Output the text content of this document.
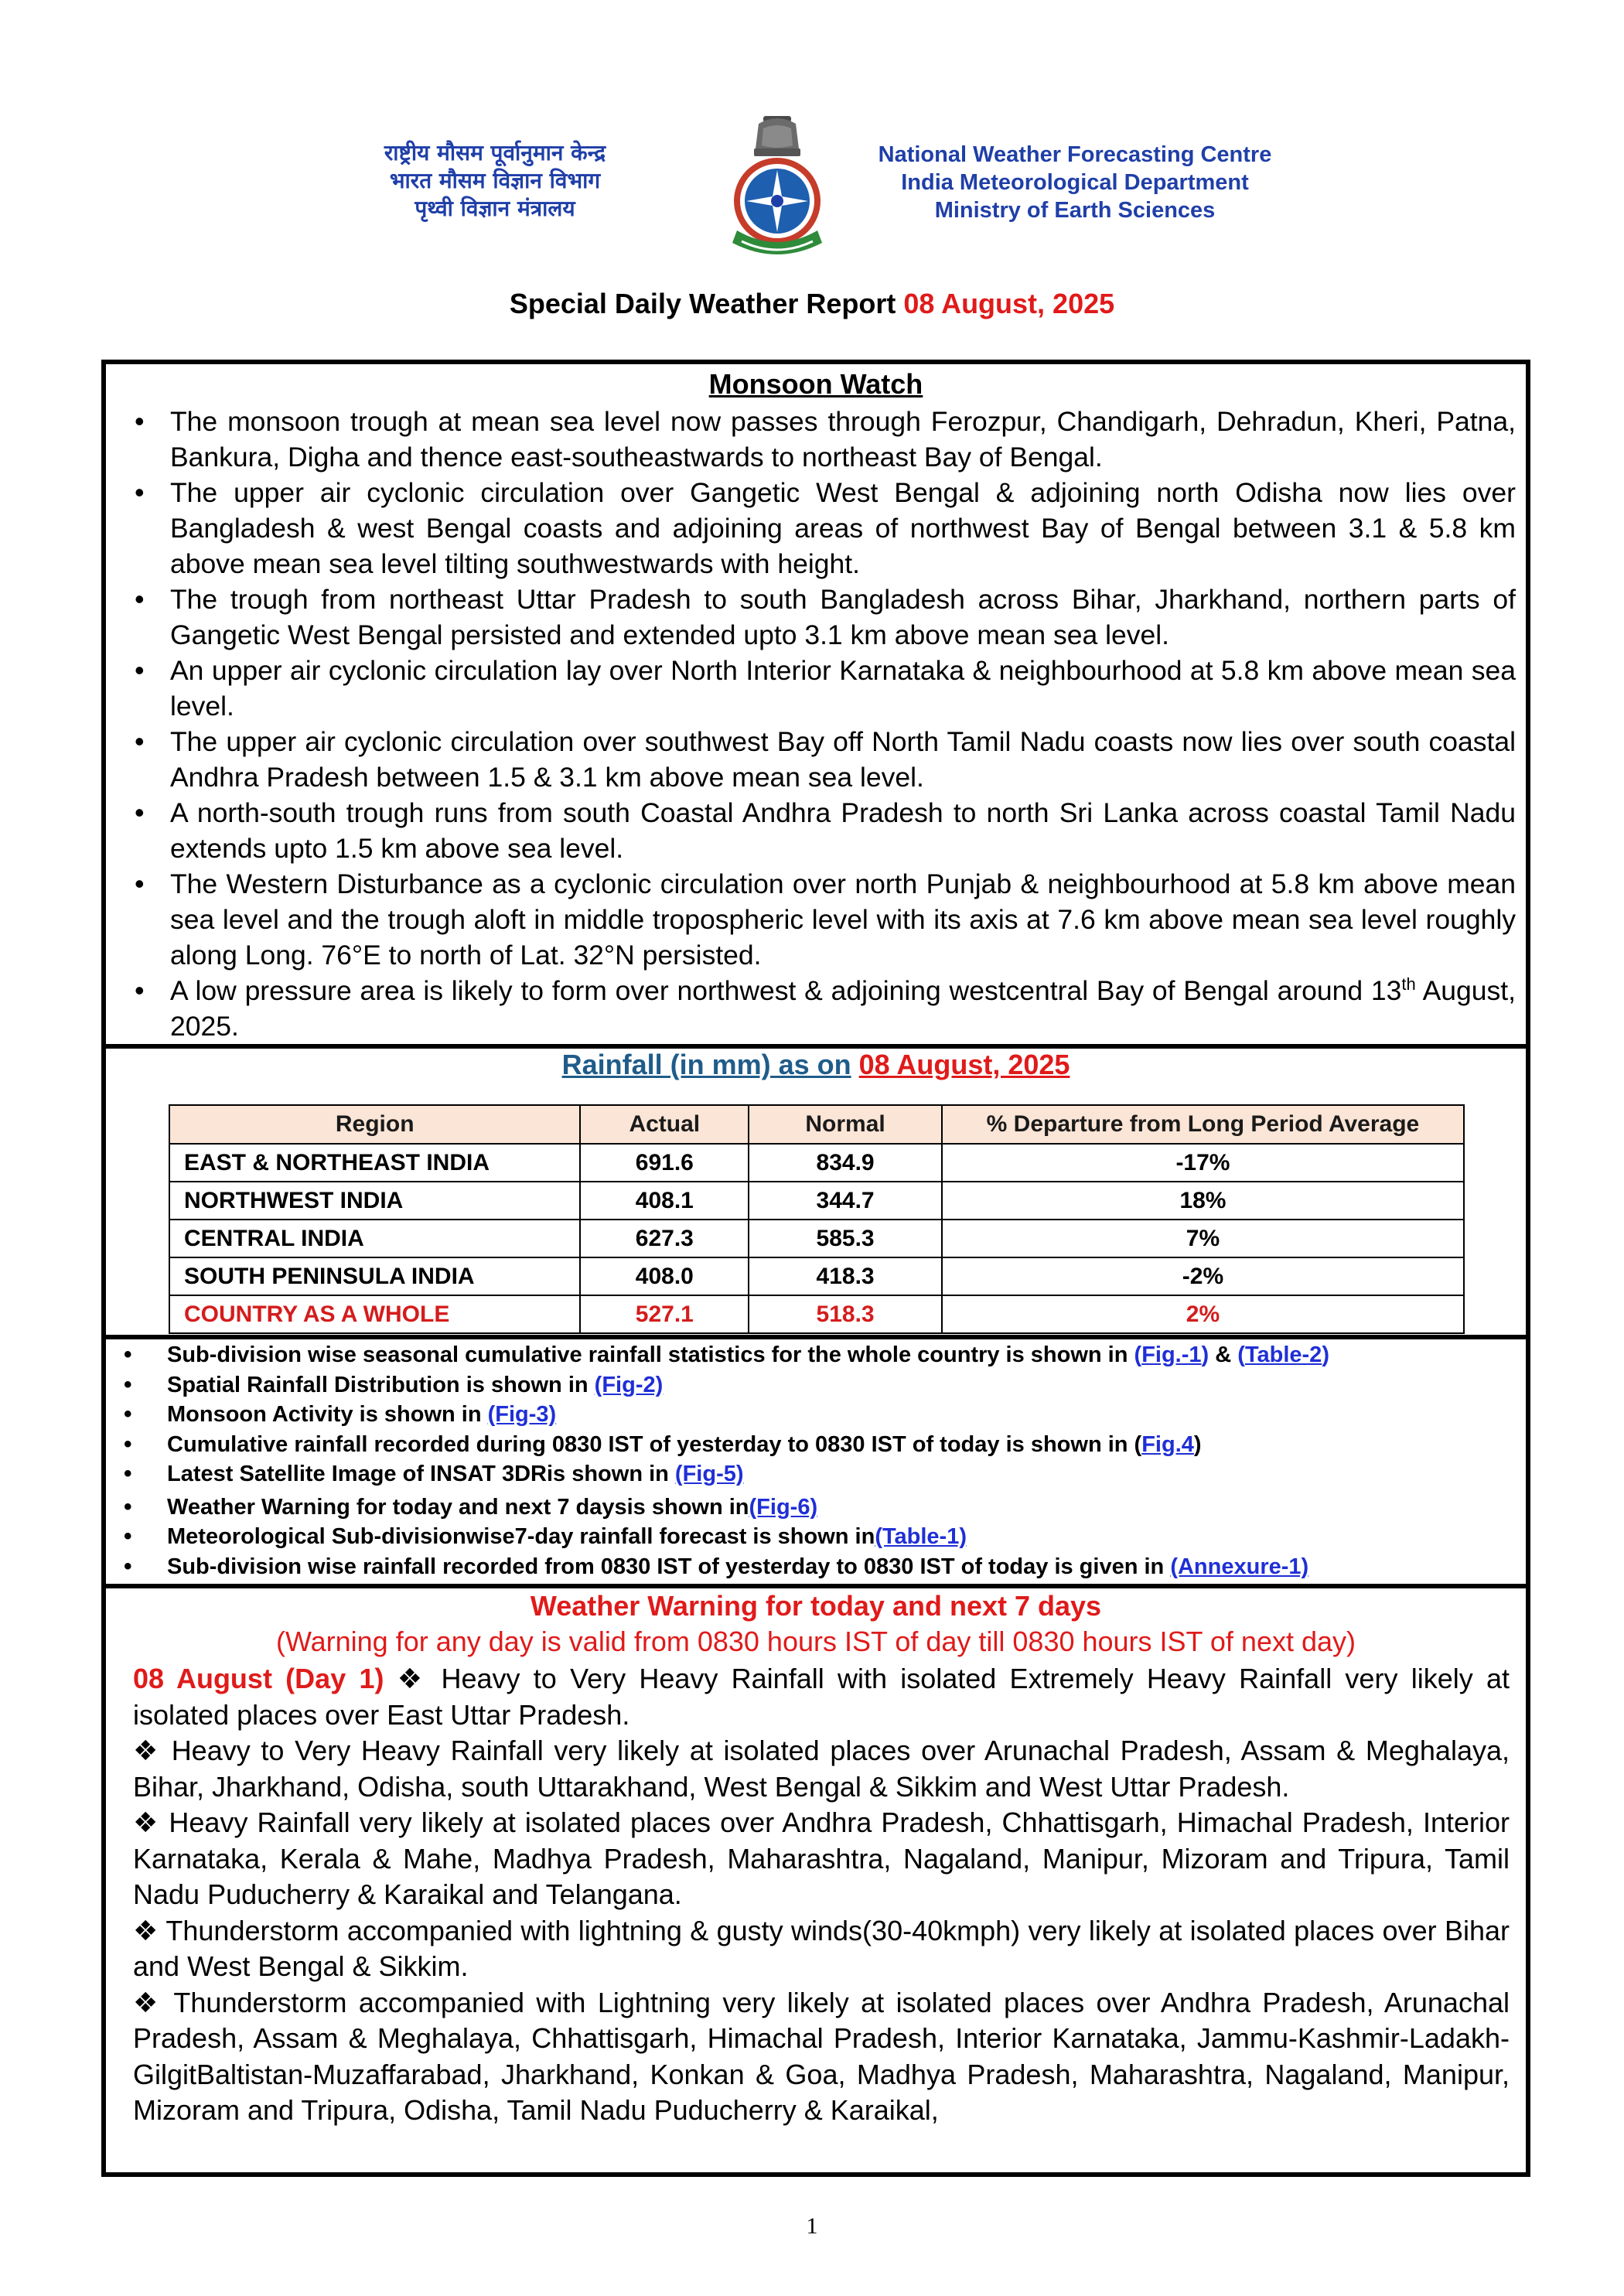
राष्ट्रीय मौसम पूर्वानुमान केन्द्र
भारत मौसम विज्ञान विभाग
पृथ्वी विज्ञान मंत्रालय
National Weather Forecasting Centre
India Meteorological Department
Ministry of Earth Sciences
Special Daily Weather Report 08 August, 2025
Monsoon Watch
• The monsoon trough at mean sea level now passes through Ferozpur, Chandigarh, Dehradun, Kheri, Patna, Bankura, Digha and thence east-southeastwards to northeast Bay of Bengal.
• The upper air cyclonic circulation over Gangetic West Bengal & adjoining north Odisha now lies over Bangladesh & west Bengal coasts and adjoining areas of northwest Bay of Bengal between 3.1 & 5.8 km above mean sea level tilting southwestwards with height.
• The trough from northeast Uttar Pradesh to south Bangladesh across Bihar, Jharkhand, northern parts of Gangetic West Bengal persisted and extended upto 3.1 km above mean sea level.
• An upper air cyclonic circulation lay over North Interior Karnataka & neighbourhood at 5.8 km above mean sea level.
• The upper air cyclonic circulation over southwest Bay off North Tamil Nadu coasts now lies over south coastal Andhra Pradesh between 1.5 & 3.1 km above mean sea level.
• A north-south trough runs from south Coastal Andhra Pradesh to north Sri Lanka across coastal Tamil Nadu extends upto 1.5 km above sea level.
• The Western Disturbance as a cyclonic circulation over north Punjab & neighbourhood at 5.8 km above mean sea level and the trough aloft in middle tropospheric level with its axis at 7.6 km above mean sea level roughly along Long. 76°E to north of Lat. 32°N persisted.
• A low pressure area is likely to form over northwest & adjoining westcentral Bay of Bengal around 13th August, 2025.
Rainfall (in mm) as on 08 August, 2025
Region	Actual	Normal	% Departure from Long Period Average
EAST & NORTHEAST INDIA	691.6	834.9	-17%
NORTHWEST INDIA	408.1	344.7	18%
CENTRAL INDIA	627.3	585.3	7%
SOUTH PENINSULA INDIA	408.0	418.3	-2%
COUNTRY AS A WHOLE	527.1	518.3	2%
• Sub-division wise seasonal cumulative rainfall statistics for the whole country is shown in (Fig.-1) & (Table-2)
• Spatial Rainfall Distribution is shown in (Fig-2)
• Monsoon Activity is shown in (Fig-3)
• Cumulative rainfall recorded during 0830 IST of yesterday to 0830 IST of today is shown in (Fig.4)
• Latest Satellite Image of INSAT 3DRis shown in (Fig-5)
• Weather Warning for today and next 7 daysis shown in(Fig-6)
• Meteorological Sub-divisionwise7-day rainfall forecast is shown in(Table-1)
• Sub-division wise rainfall recorded from 0830 IST of yesterday to 0830 IST of today is given in (Annexure-1)
Weather Warning for today and next 7 days
(Warning for any day is valid from 0830 hours IST of day till 0830 hours IST of next day)

08 August (Day 1) ❖ Heavy to Very Heavy Rainfall with isolated Extremely Heavy Rainfall very likely at isolated places over East Uttar Pradesh.

❖ Heavy to Very Heavy Rainfall very likely at isolated places over Arunachal Pradesh, Assam & Meghalaya, Bihar, Jharkhand, Odisha, south Uttarakhand, West Bengal & Sikkim and West Uttar Pradesh.

❖ Heavy Rainfall very likely at isolated places over Andhra Pradesh, Chhattisgarh, Himachal Pradesh, Interior Karnataka, Kerala & Mahe, Madhya Pradesh, Maharashtra, Nagaland, Manipur, Mizoram and Tripura, Tamil Nadu Puducherry & Karaikal and Telangana.

❖ Thunderstorm accompanied with lightning & gusty winds(30-40kmph) very likely at isolated places over Bihar and West Bengal & Sikkim.

❖ Thunderstorm accompanied with Lightning very likely at isolated places over Andhra Pradesh, Arunachal Pradesh, Assam & Meghalaya, Chhattisgarh, Himachal Pradesh, Interior Karnataka, Jammu-Kashmir-Ladakh-GilgitBaltistan-Muzaffarabad, Jharkhand, Konkan & Goa, Madhya Pradesh, Maharashtra, Nagaland, Manipur, Mizoram and Tripura, Odisha, Tamil Nadu Puducherry & Karaikal,

1
